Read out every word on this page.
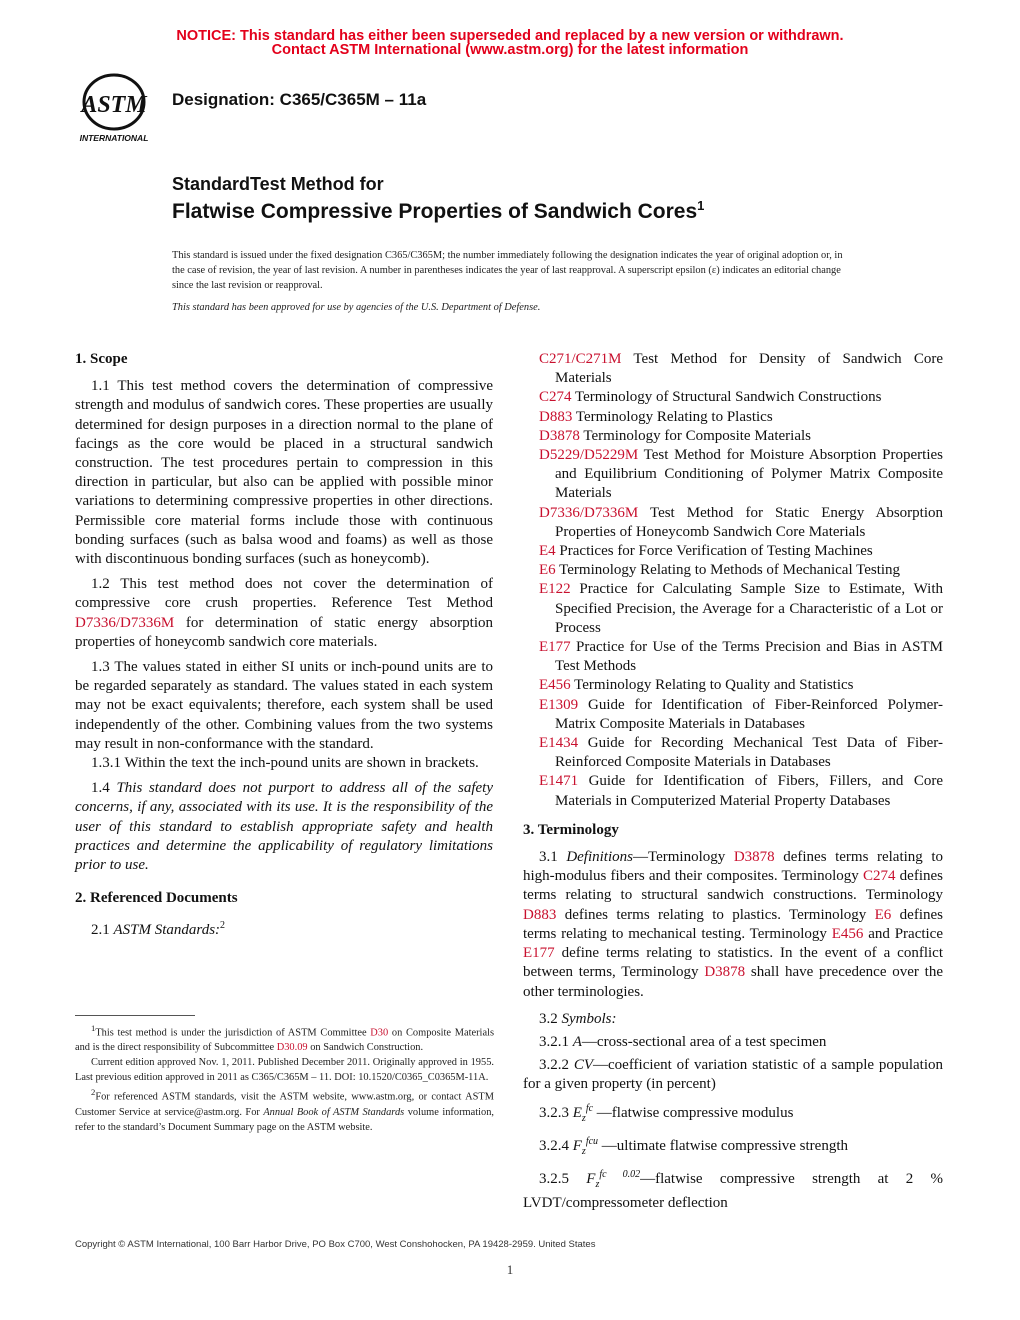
NOTICE: This standard has either been superseded and replaced by a new version or withdrawn.
Contact ASTM International (www.astm.org) for the latest information
ASTM
INTERNATIONAL
Designation: C365/C365M – 11a
StandardTest Method for
Flatwise Compressive Properties of Sandwich Cores$^1$
This standard is issued under the fixed designation C365/C365M; the number immediately following the designation indicates the year of original adoption or, in the case of revision, the year of last revision. A number in parentheses indicates the year of last reapproval. A superscript epsilon (ε) indicates an editorial change since the last revision or reapproval.
This standard has been approved for use by agencies of the U.S. Department of Defense.

1. Scope

1.1 This test method covers the determination of compressive strength and modulus of sandwich cores. These properties are usually determined for design purposes in a direction normal to the plane of facings as the core would be placed in a structural sandwich construction. The test procedures pertain to compression in this direction in particular, but also can be applied with possible minor variations to determining compressive properties in other directions. Permissible core material forms include those with continuous bonding surfaces (such as balsa wood and foams) as well as those with discontinuous bonding surfaces (such as honeycomb).

1.2 This test method does not cover the determination of compressive core crush properties. Reference Test Method D7336/D7336M for determination of static energy absorption properties of honeycomb sandwich core materials.

1.3 The values stated in either SI units or inch-pound units are to be regarded separately as standard. The values stated in each system may not be exact equivalents; therefore, each system shall be used independently of the other. Combining values from the two systems may result in non-conformance with the standard.

1.3.1 Within the text the inch-pound units are shown in brackets.

1.4 This standard does not purport to address all of the safety concerns, if any, associated with its use. It is the responsibility of the user of this standard to establish appropriate safety and health practices and determine the applicability of regulatory limitations prior to use.

2. Referenced Documents

2.1 ASTM Standards:$^2$

$^1$This test method is under the jurisdiction of ASTM Committee D30 on Composite Materials and is the direct responsibility of Subcommittee D30.09 on Sandwich Construction.

Current edition approved Nov. 1, 2011. Published December 2011. Originally approved in 1955. Last previous edition approved in 2011 as C365/C365M – 11. DOI: 10.1520/C0365_C0365M-11A.

$^2$For referenced ASTM standards, visit the ASTM website, www.astm.org, or contact ASTM Customer Service at service@astm.org. For Annual Book of ASTM Standards volume information, refer to the standard’s Document Summary page on the ASTM website.

C271/C271M Test Method for Density of Sandwich Core Materials

C274 Terminology of Structural Sandwich Constructions

D883 Terminology Relating to Plastics

D3878 Terminology for Composite Materials

D5229/D5229M Test Method for Moisture Absorption Properties and Equilibrium Conditioning of Polymer Matrix Composite Materials

D7336/D7336M Test Method for Static Energy Absorption Properties of Honeycomb Sandwich Core Materials

E4 Practices for Force Verification of Testing Machines

E6 Terminology Relating to Methods of Mechanical Testing

E122 Practice for Calculating Sample Size to Estimate, With Specified Precision, the Average for a Characteristic of a Lot or Process

E177 Practice for Use of the Terms Precision and Bias in ASTM Test Methods

E456 Terminology Relating to Quality and Statistics

E1309 Guide for Identification of Fiber-Reinforced Polymer-Matrix Composite Materials in Databases

E1434 Guide for Recording Mechanical Test Data of Fiber-Reinforced Composite Materials in Databases

E1471 Guide for Identification of Fibers, Fillers, and Core Materials in Computerized Material Property Databases

3. Terminology

3.1 Definitions—Terminology D3878 defines terms relating to high-modulus fibers and their composites. Terminology C274 defines terms relating to structural sandwich constructions. Terminology D883 defines terms relating to plastics. Terminology E6 defines terms relating to mechanical testing. Terminology E456 and Practice E177 define terms relating to statistics. In the event of a conflict between terms, Terminology D3878 shall have precedence over the other terminologies.

3.2 Symbols:

3.2.1 A—cross-sectional area of a test specimen

3.2.2 CV—coefficient of variation statistic of a sample population for a given property (in percent)

3.2.3 $E_z^{fc}$ —flatwise compressive modulus

3.2.4 $F_z^{fcu}$ —ultimate flatwise compressive strength

3.2.5 $F_z^{fc 0.02}—flatwise$ compressive strength at 2 % LVDT/compressometer deflection

Copyright © ASTM International, 100 Barr Harbor Drive, PO Box C700, West Conshohocken, PA 19428-2959. United States
1
